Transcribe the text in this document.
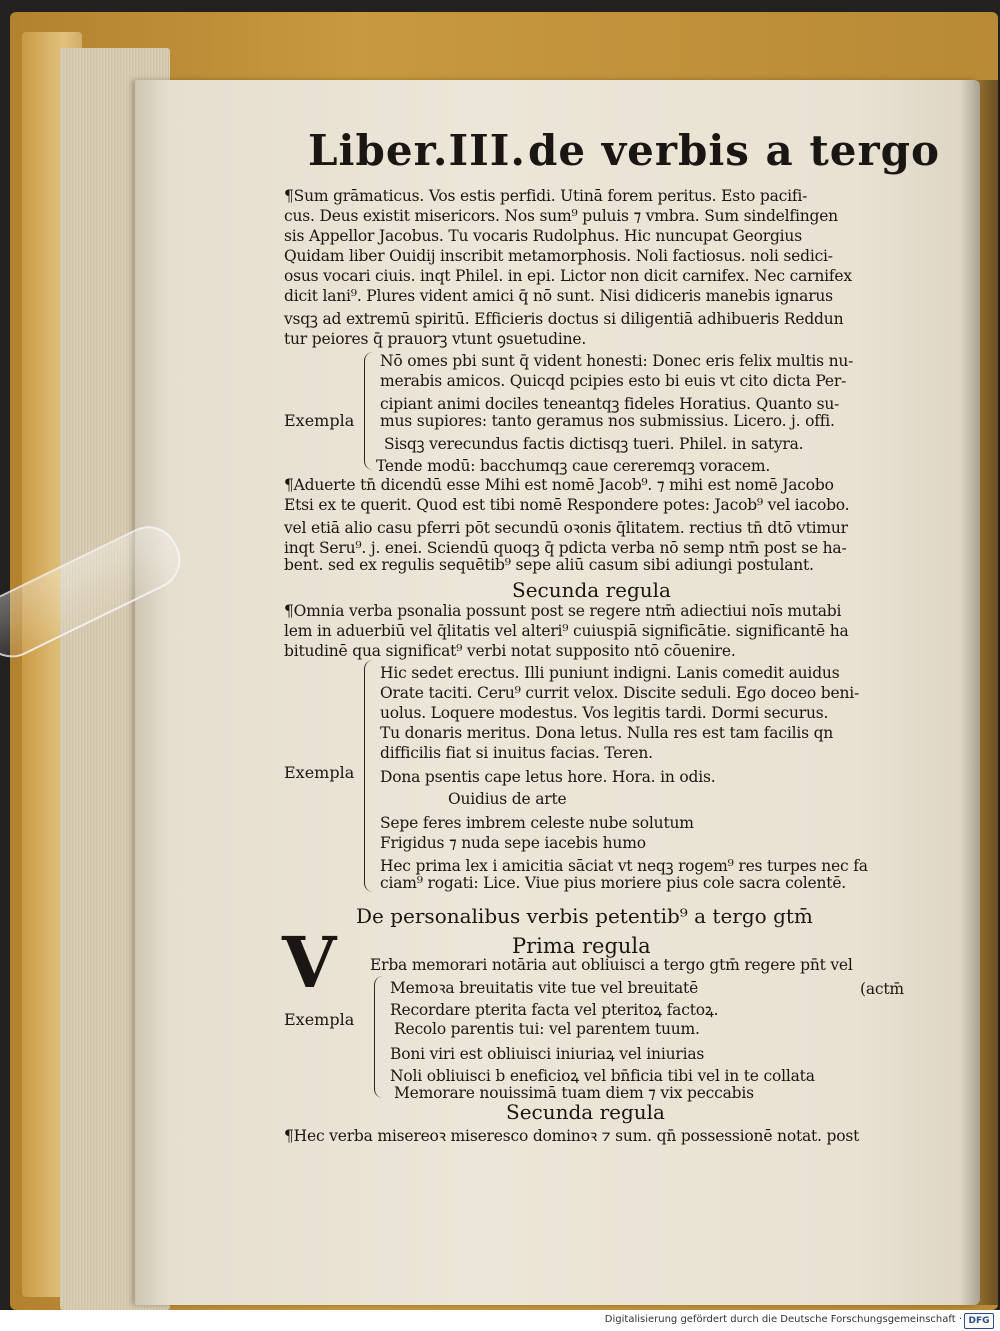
Liber.III. de verbis a tergo
¶Sum grāmaticus. Vos estis perfidi. Utinā forem peritus. Esto pacifi-
cus. Deus existit misericors. Nos sum⁹ puluis ⁊ vmbra. Sum sindelfingen
sis Appellor Jacobus. Tu vocaris Rudolphus. Hic nuncupat Georgius
Quidam liber Ouidij inscribit metamorphosis. Noli factiosus. noli sedici-
osus vocari ciuis. inqt Philel. in epi. Lictor non dicit carnifex. Nec carnifex
dicit lani⁹. Plures vident amici q̄ nō sunt. Nisi didiceris manebis ignarus
vsqꝫ ad extremū spiritū. Efficieris doctus si diligentiā adhibueris Reddun
tur peiores q̄ prauorꝫ vtunt ꝯsuetudine.
Exempla
Nō omes pbi sunt q̄ vident honesti: Donec eris felix multis nu-
merabis amicos. Quicqd pcipies esto bi euis vt cito dicta Per-
cipiant animi dociles teneantqꝫ fideles Horatius. Quanto su-
mus supiores: tanto geramus nos submissius. Licero. j. offi.
Sisqꝫ verecundus factis dictisqꝫ tueri. Philel. in satyra.
Tende modū: bacchumqꝫ caue cereremqꝫ voracem.
¶Aduerte tn̄ dicendū esse Mihi est nomē Jacob⁹. ⁊ mihi est nomē Jacobo
Etsi ex te querit. Quod est tibi nomē Respondere potes: Jacob⁹ vel iacobo.
vel etiā alio casu pferri pōt secundū oꝛonis q̄litatem. rectius tn̄ dtō vtimur
inqt Seru⁹. j. enei. Sciendū quoqꝫ q̄ pdicta verba nō semp ntm̄ post se ha-
bent. sed ex regulis sequētib⁹ sepe aliū casum sibi adiungi postulant.
Secunda regula
¶Omnia verba psonalia possunt post se regere ntm̄ adiectiui noīs mutabi
lem in aduerbiū vel q̄litatis vel alteri⁹ cuiuspiā significātie. significantē ha
bitudinē qua significat⁹ verbi notat supposito ntō cōuenire.
Exempla
Hic sedet erectus. Illi puniunt indigni. Lanis comedit auidus
Orate taciti. Ceru⁹ currit velox. Discite seduli. Ego doceo beni-
uolus. Loquere modestus. Vos legitis tardi. Dormi securus.
Tu donaris meritus. Dona letus. Nulla res est tam facilis qn
difficilis fiat si inuitus facias. Teren.
Dona psentis cape letus hore. Hora. in odis.
Ouidius de arte
Sepe feres imbrem celeste nube solutum
Frigidus ⁊ nuda sepe iacebis humo
Hec prima lex i amicitia sāciat vt neqꝫ rogem⁹ res turpes nec fa
ciam⁹ rogati: Lice. Viue pius moriere pius cole sacra colentē.
De personalibus verbis petentib⁹ a tergo gtm̄
Prima regula
V Erba memorari notāria aut obliuisci a tergo gtm̄ regere pn̄t vel
(actm̄
Exempla
Memoꝛa breuitatis vite tue vel breuitatē
Recordare pterita facta vel pteritoꝝ factoꝝ.
Recolo parentis tui: vel parentem tuum.
Boni viri est obliuisci iniuriaꝝ vel iniurias
Noli obliuisci b eneficioꝝ vel bn̄ficia tibi vel in te collata
Memorare nouissimā tuam diem ⁊ vix peccabis
Secunda regula
¶Hec verba misereoꝛ miseresco dominoꝛ ⁊ sum. qn̄ possessionē notat. post
Digitalisierung gefördert durch die Deutsche Forschungsgemeinschaft · DFG
